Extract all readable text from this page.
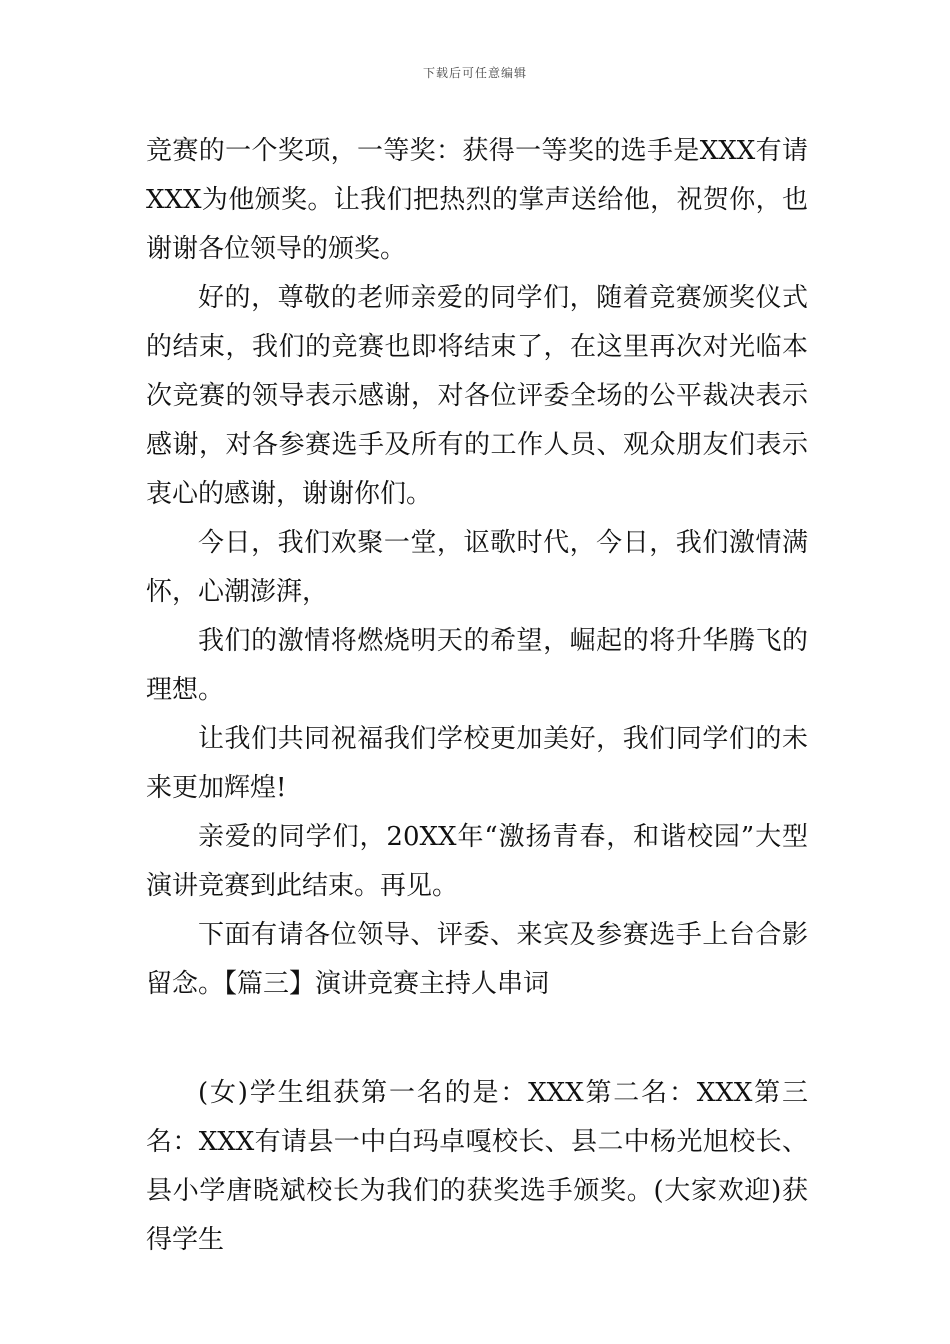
下载后可任意编辑

竞赛的一个奖项，一等奖：获得一等奖的选手是XXX有请XXX为他颁奖。让我们把热烈的掌声送给他，祝贺你，也谢谢各位领导的颁奖。

好的，尊敬的老师亲爱的同学们，随着竞赛颁奖仪式的结束，我们的竞赛也即将结束了，在这里再次对光临本次竞赛的领导表示感谢，对各位评委全场的公平裁决表示感谢，对各参赛选手及所有的工作人员、观众朋友们表示衷心的感谢，谢谢你们。

今日，我们欢聚一堂，讴歌时代，今日，我们激情满怀，心潮澎湃，

我们的激情将燃烧明天的希望，崛起的将升华腾飞的理想。

让我们共同祝福我们学校更加美好，我们同学们的未来更加辉煌!

亲爱的同学们，20XX年“激扬青春，和谐校园”大型演讲竞赛到此结束。再见。

下面有请各位领导、评委、来宾及参赛选手上台合影留念。【篇三】演讲竞赛主持人串词

(女)学生组获第一名的是：XXX第二名：XXX第三名：XXX有请县一中白玛卓嘎校长、县二中杨光旭校长、县小学唐晓斌校长为我们的获奖选手颁奖。(大家欢迎)获得学生
